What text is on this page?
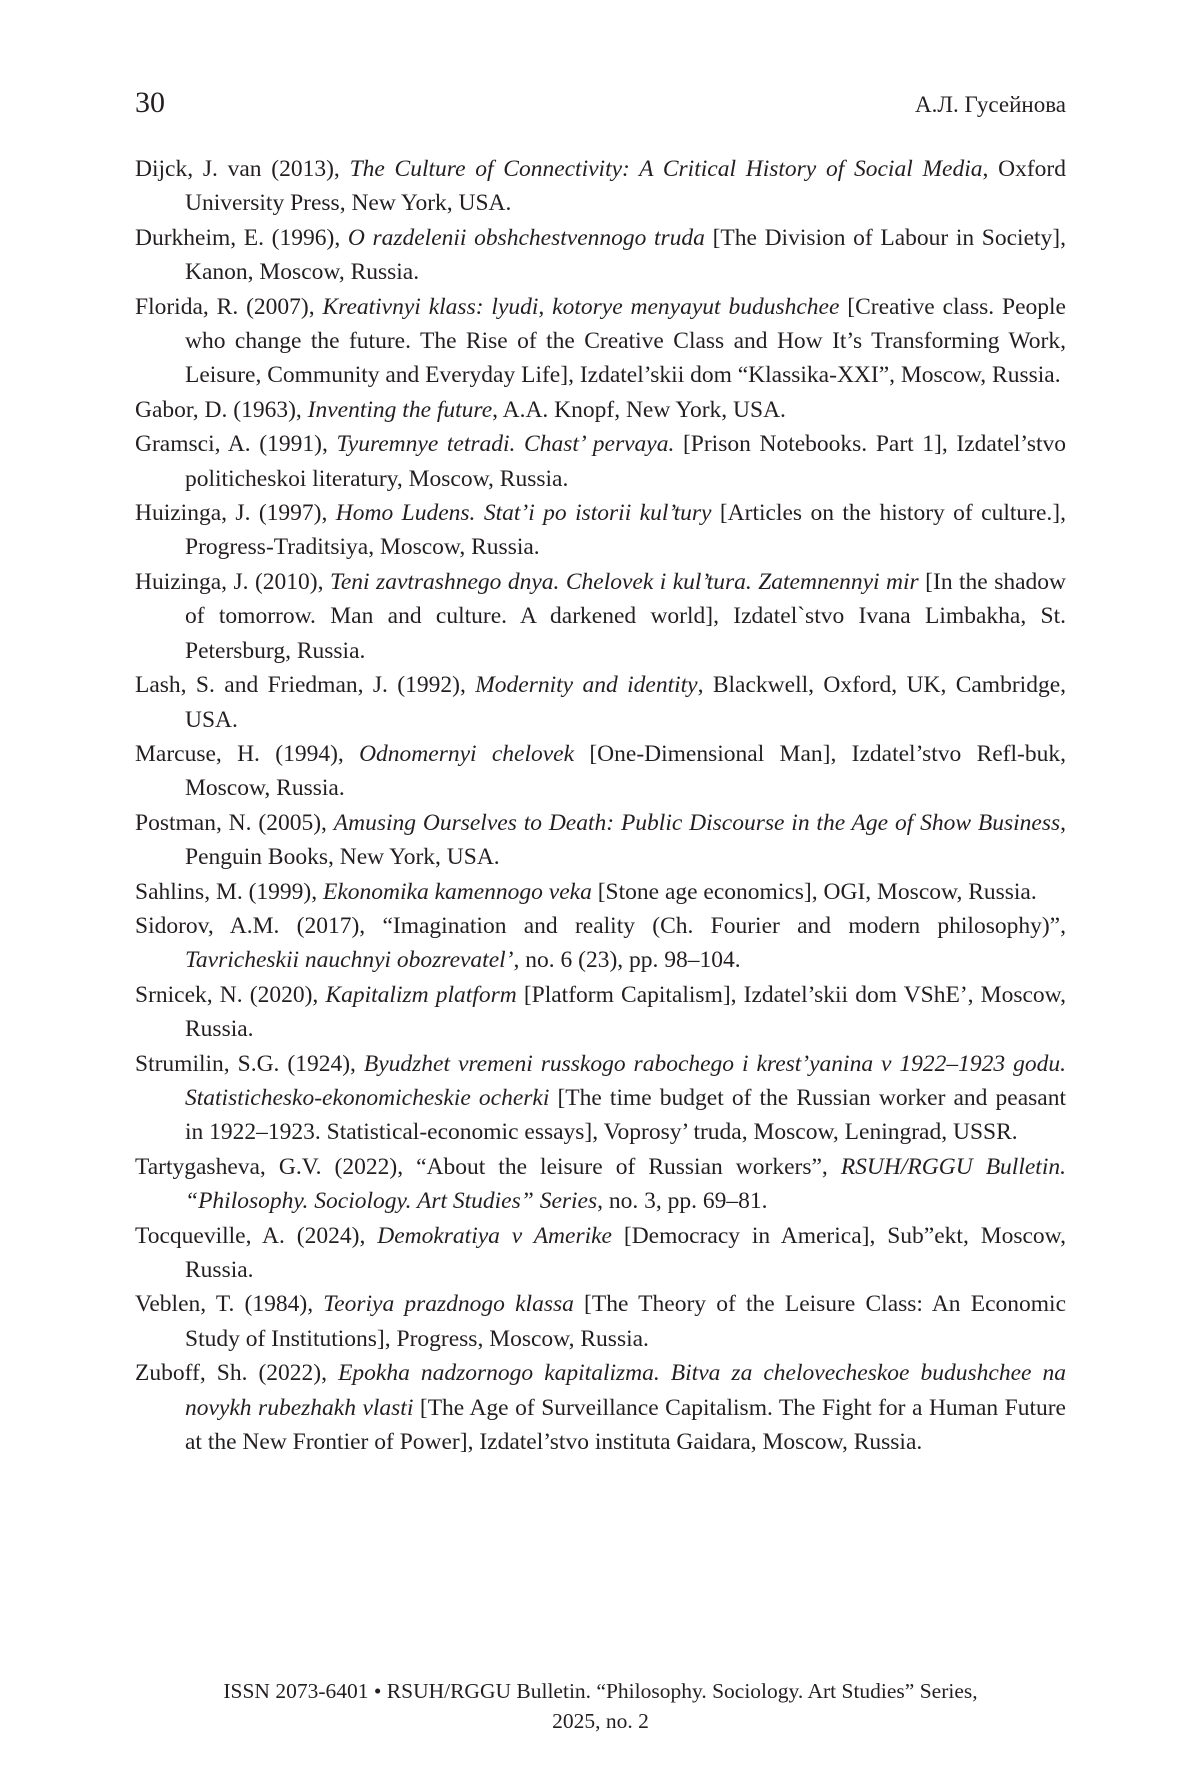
30	А.Л. Гусейнова

Dijck, J. van (2013), The Culture of Connectivity: A Critical History of Social Media, Oxford University Press, New York, USA.

Durkheim, E. (1996), O razdelenii obshchestvennogo truda [The Division of Labour in Society], Kanon, Moscow, Russia.

Florida, R. (2007), Kreativnyi klass: lyudi, kotorye menyayut budushchee [Creative class. People who change the future. The Rise of the Creative Class and How It’s Transforming Work, Leisure, Community and Everyday Life], Izdatel’skii dom “Klassika-XXI”, Moscow, Russia.

Gabor, D. (1963), Inventing the future, A.A. Knopf, New York, USA.

Gramsci, A. (1991), Tyuremnye tetradi. Chast’ pervaya. [Prison Notebooks. Part 1], Izdatel’stvo politicheskoi literatury, Moscow, Russia.

Huizinga, J. (1997), Homo Ludens. Stat’i po istorii kul’tury [Articles on the history of culture.], Progress-Traditsiya, Moscow, Russia.

Huizinga, J. (2010), Teni zavtrashnego dnya. Chelovek i kul’tura. Zatemnennyi mir [In the shadow of tomorrow. Man and culture. A darkened world], Izdatel`stvo Ivana Limbakha, St. Petersburg, Russia.

Lash, S. and Friedman, J. (1992), Modernity and identity, Blackwell, Oxford, UK, Cambridge, USA.

Marcuse, H. (1994), Odnomernyi chelovek [One-Dimensional Man], Izdatel’stvo Refl-buk, Moscow, Russia.

Postman, N. (2005), Amusing Ourselves to Death: Public Discourse in the Age of Show Business, Penguin Books, New York, USA.

Sahlins, M. (1999), Ekonomika kamennogo veka [Stone age economics], OGI, Moscow, Russia.

Sidorov, A.M. (2017), “Imagination and reality (Ch. Fourier and modern philosophy)”, Tavricheskii nauchnyi obozrevatel’, no. 6 (23), pp. 98–104.

Srnicek, N. (2020), Kapitalizm platform [Platform Capitalism], Izdatel’skii dom VShE’, Moscow, Russia.

Strumilin, S.G. (1924), Byudzhet vremeni russkogo rabochego i krest’yanina v 1922–1923 godu. Statistichesko-ekonomicheskie ocherki [The time budget of the Russian worker and peasant in 1922–1923. Statistical-economic essays], Voprosy’ truda, Moscow, Leningrad, USSR.

Tartygasheva, G.V. (2022), “About the leisure of Russian workers”, RSUH/RGGU Bulletin. “Philosophy. Sociology. Art Studies” Series, no. 3, pp. 69–81.

Tocqueville, A. (2024), Demokratiya v Amerike [Democracy in America], Sub”ekt, Moscow, Russia.

Veblen, T. (1984), Teoriya prazdnogo klassa [The Theory of the Leisure Class: An Economic Study of Institutions], Progress, Moscow, Russia.

Zuboff, Sh. (2022), Epokha nadzornogo kapitalizma. Bitva za chelovecheskoe budushchee na novykh rubezhakh vlasti [The Age of Surveillance Capitalism. The Fight for a Human Future at the New Frontier of Power], Izdatel’stvo instituta Gaidara, Moscow, Russia.

ISSN 2073-6401 • RSUH/RGGU Bulletin. “Philosophy. Sociology. Art Studies” Series,
2025, no. 2
